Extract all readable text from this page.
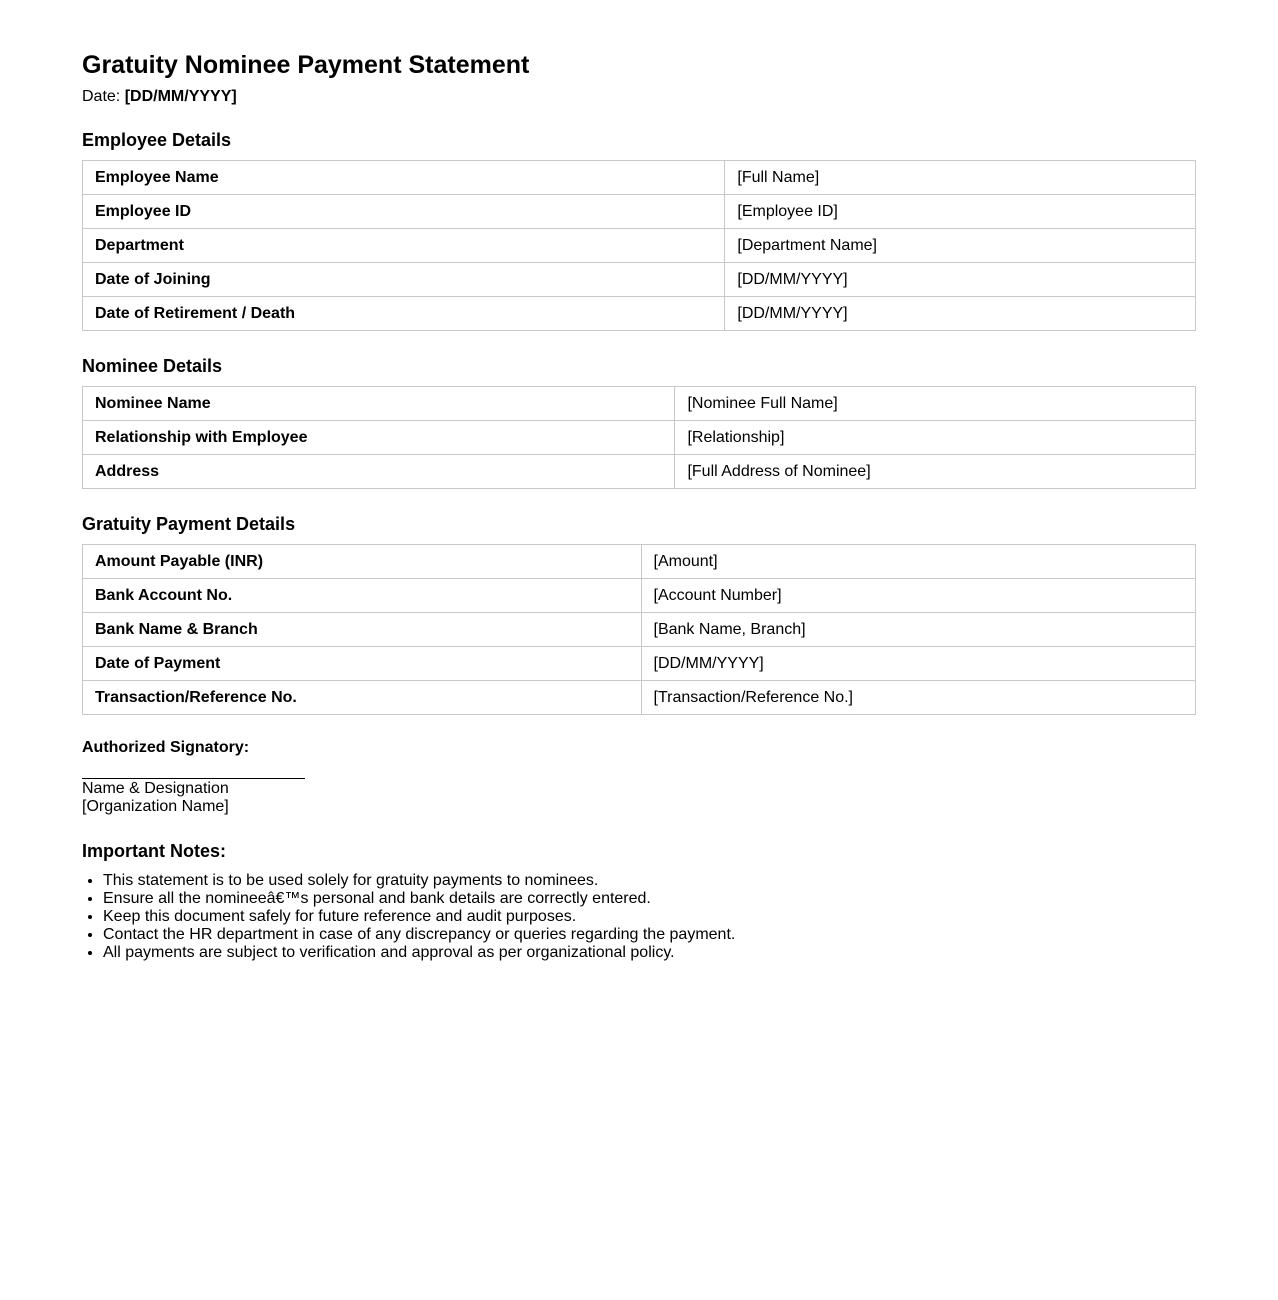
Gratuity Nominee Payment Statement
Date: [DD/MM/YYYY]
Employee Details
Employee Name	[Full Name]
Employee ID	[Employee ID]
Department	[Department Name]
Date of Joining	[DD/MM/YYYY]
Date of Retirement / Death	[DD/MM/YYYY]
Nominee Details
Nominee Name	[Nominee Full Name]
Relationship with Employee	[Relationship]
Address	[Full Address of Nominee]
Gratuity Payment Details
Amount Payable (INR)	[Amount]
Bank Account No.	[Account Number]
Bank Name & Branch	[Bank Name, Branch]
Date of Payment	[DD/MM/YYYY]
Transaction/Reference No.	[Transaction/Reference No.]
Authorized Signatory:
Name & Designation
[Organization Name]
Important Notes:
• This statement is to be used solely for gratuity payments to nominees.
• Ensure all the nomineeâ€™s personal and bank details are correctly entered.
• Keep this document safely for future reference and audit purposes.
• Contact the HR department in case of any discrepancy or queries regarding the payment.
• All payments are subject to verification and approval as per organizational policy.
